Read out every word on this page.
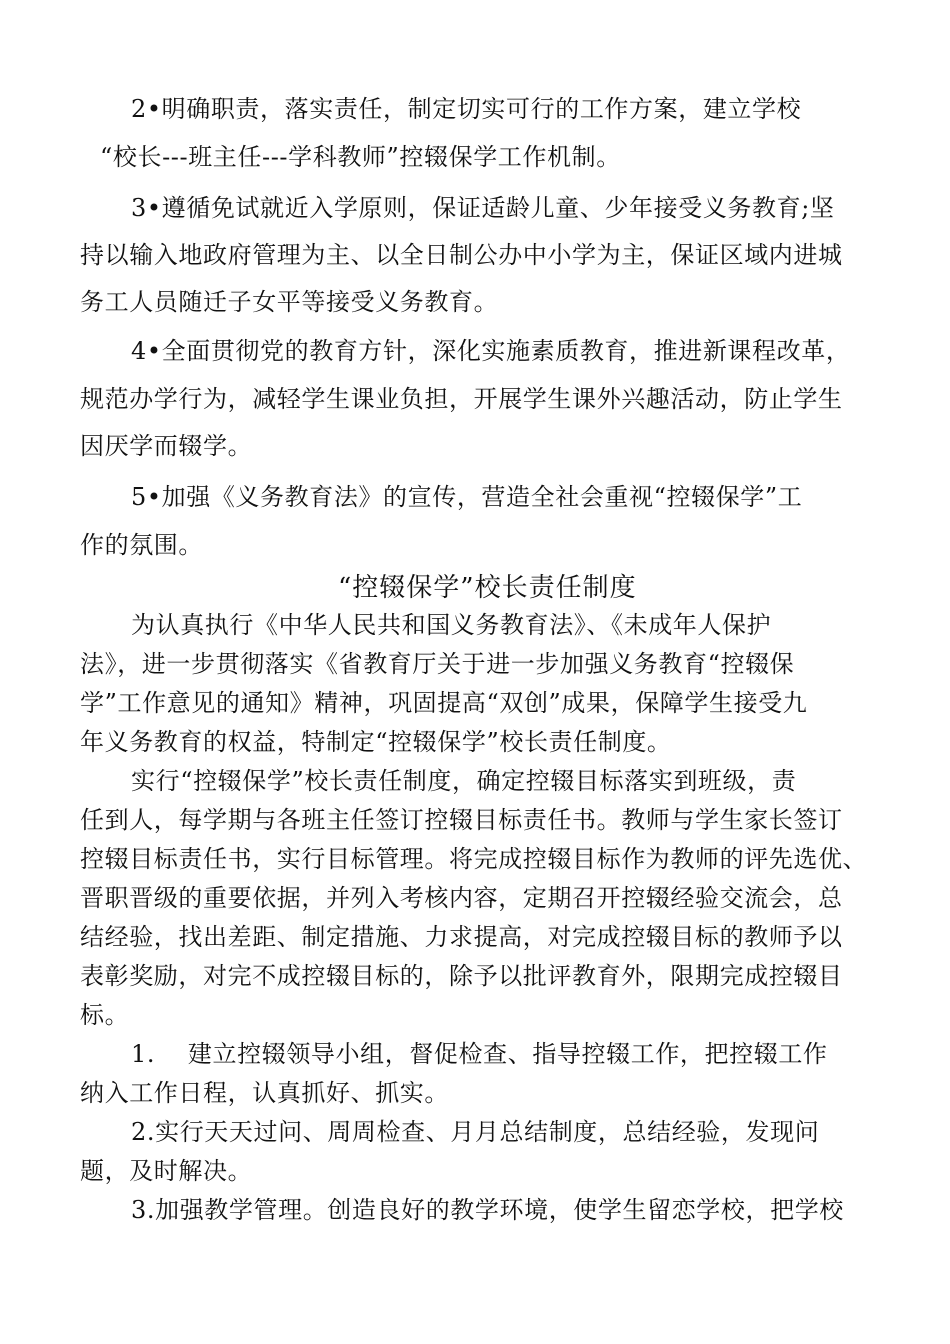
2•明确职责，落实责任，制定切实可行的工作方案，建立学校
“校长---班主任---学科教师”控辍保学工作机制。
3•遵循免试就近入学原则，保证适龄儿童、少年接受义务教育;坚
持以输入地政府管理为主、以全日制公办中小学为主，保证区域内进城
务工人员随迁子女平等接受义务教育。
4•全面贯彻党的教育方针，深化实施素质教育，推进新课程改革，
规范办学行为，减轻学生课业负担，开展学生课外兴趣活动，防止学生
因厌学而辍学。
5•加强《义务教育法》的宣传，营造全社会重视“控辍保学”工
作的氛围。
“控辍保学”校长责任制度
为认真执行《中华人民共和国义务教育法》、《未成年人保护
法》，进一步贯彻落实《省教育厅关于进一步加强义务教育“控辍保
学”工作意见的通知》精神，巩固提高“双创”成果，保障学生接受九
年义务教育的权益，特制定“控辍保学”校长责任制度。
实行“控辍保学”校长责任制度，确定控辍目标落实到班级，责
任到人，每学期与各班主任签订控辍目标责任书。教师与学生家长签订
控辍目标责任书，实行目标管理。将完成控辍目标作为教师的评先选优、
晋职晋级的重要依据，并列入考核内容，定期召开控辍经验交流会，总
结经验，找出差距、制定措施、力求提高，对完成控辍目标的教师予以
表彰奖励，对完不成控辍目标的，除予以批评教育外，限期完成控辍目
标。
1.　 建立控辍领导小组，督促检查、指导控辍工作，把控辍工作
纳入工作日程，认真抓好、抓实。
2.实行天天过问、周周检查、月月总结制度，总结经验，发现问
题，及时解决。
3.加强教学管理。创造良好的教学环境，使学生留恋学校，把学校
